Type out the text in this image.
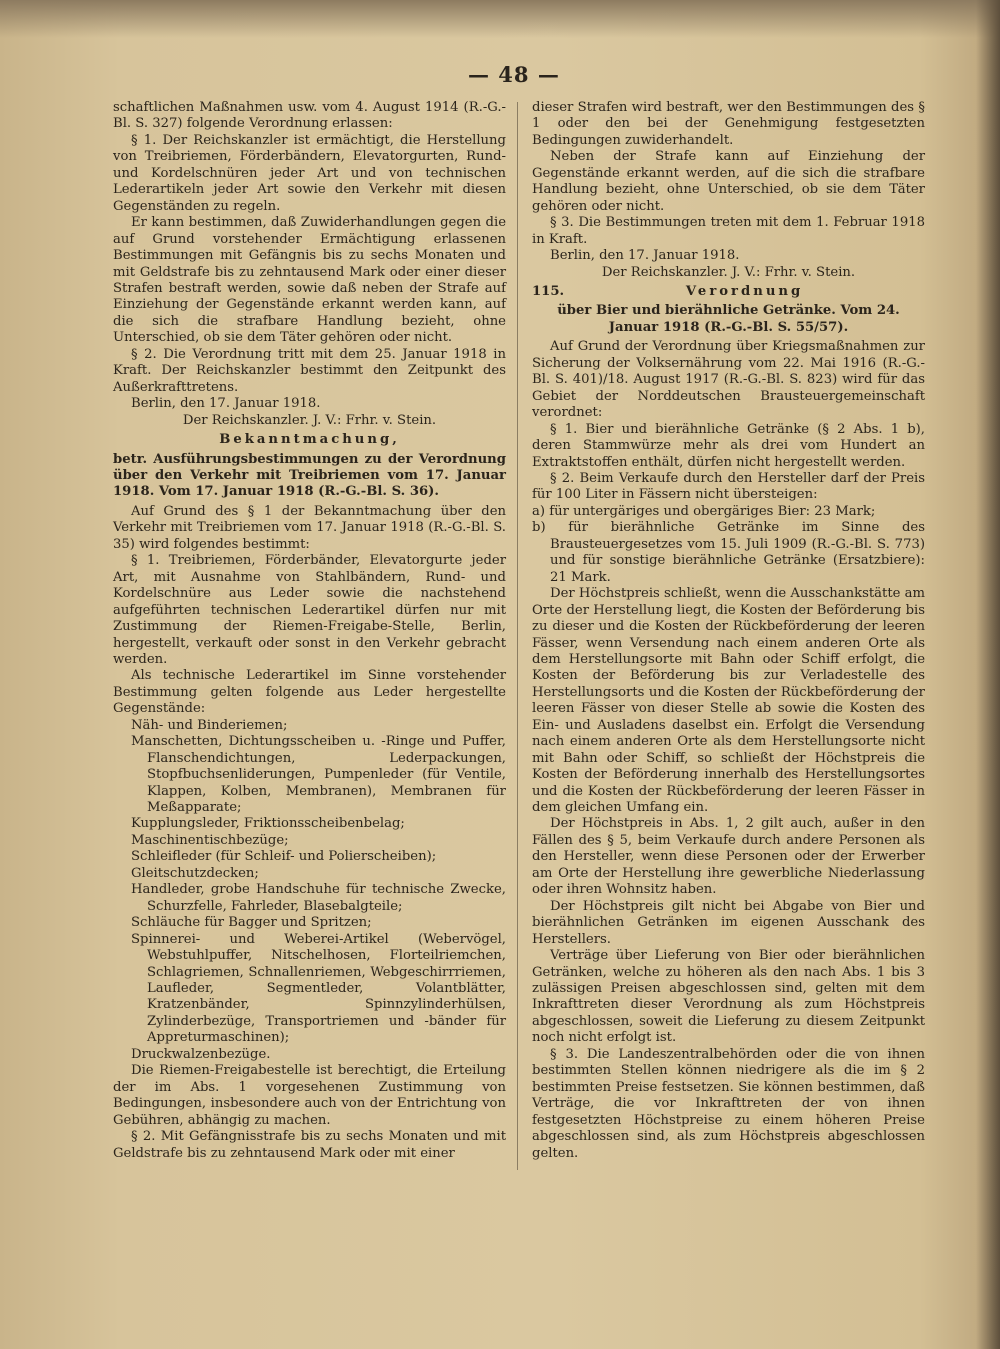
— 48 —

schaftlichen Maßnahmen usw. vom 4. August 1914 (R.-G.-Bl. S. 327) folgende Verordnung erlassen:

§ 1. Der Reichskanzler ist ermächtigt, die Herstellung von Treibriemen, Förderbändern, Elevatorgurten, Rund- und Kordelschnüren jeder Art und von technischen Lederartikeln jeder Art sowie den Verkehr mit diesen Gegenständen zu regeln.

Er kann bestimmen, daß Zuwiderhandlungen gegen die auf Grund vorstehender Ermächtigung erlassenen Bestimmungen mit Gefängnis bis zu sechs Monaten und mit Geldstrafe bis zu zehntausend Mark oder einer dieser Strafen bestraft werden, sowie daß neben der Strafe auf Einziehung der Gegenstände erkannt werden kann, auf die sich die strafbare Handlung bezieht, ohne Unterschied, ob sie dem Täter gehören oder nicht.

§ 2. Die Verordnung tritt mit dem 25. Januar 1918 in Kraft. Der Reichskanzler bestimmt den Zeitpunkt des Außerkrafttretens.

Berlin, den 17. Januar 1918.

Der Reichskanzler. J. V.: Frhr. v. Stein.

Bekanntmachung,

betr. Ausführungsbestimmungen zu der Verordnung über den Verkehr mit Treibriemen vom 17. Januar 1918. Vom 17. Januar 1918 (R.-G.-Bl. S. 36).

Auf Grund des § 1 der Bekanntmachung über den Verkehr mit Treibriemen vom 17. Januar 1918 (R.-G.-Bl. S. 35) wird folgendes bestimmt:

§ 1. Treibriemen, Förderbänder, Elevatorgurte jeder Art, mit Ausnahme von Stahlbändern, Rund- und Kordelschnüre aus Leder sowie die nachstehend aufgeführten technischen Lederartikel dürfen nur mit Zustimmung der Riemen-Freigabe-Stelle, Berlin, hergestellt, verkauft oder sonst in den Verkehr gebracht werden.

Als technische Lederartikel im Sinne vorstehender Bestimmung gelten folgende aus Leder hergestellte Gegenstände:

Näh- und Binderiemen;

Manschetten, Dichtungsscheiben u. -Ringe und Puffer, Flanschendichtungen, Lederpackungen, Stopfbuchsenliderungen, Pumpenleder (für Ventile, Klappen, Kolben, Membranen), Membranen für Meßapparate;

Kupplungsleder, Friktionsscheibenbelag;

Maschinentischbezüge;

Schleifleder (für Schleif- und Polierscheiben);

Gleitschutzdecken;

Handleder, grobe Handschuhe für technische Zwecke, Schurzfelle, Fahrleder, Blasebalgteile;

Schläuche für Bagger und Spritzen;

Spinnerei- und Weberei-Artikel (Webervögel, Webstuhlpuffer, Nitschelhosen, Florteilriemchen, Schlagriemen, Schnallenriemen, Webgeschirrriemen, Laufleder, Segmentleder, Volantblätter, Kratzenbänder, Spinnzylinderhülsen, Zylinderbezüge, Transportriemen und -bänder für Appreturmaschinen);

Druckwalzenbezüge.

Die Riemen-Freigabestelle ist berechtigt, die Erteilung der im Abs. 1 vorgesehenen Zustimmung von Bedingungen, insbesondere auch von der Entrichtung von Gebühren, abhängig zu machen.

§ 2. Mit Gefängnisstrafe bis zu sechs Monaten und mit Geldstrafe bis zu zehntausend Mark oder mit einer

dieser Strafen wird bestraft, wer den Bestimmungen des § 1 oder den bei der Genehmigung festgesetzten Bedingungen zuwiderhandelt.

Neben der Strafe kann auf Einziehung der Gegenstände erkannt werden, auf die sich die strafbare Handlung bezieht, ohne Unterschied, ob sie dem Täter gehören oder nicht.

§ 3. Die Bestimmungen treten mit dem 1. Februar 1918 in Kraft.

Berlin, den 17. Januar 1918.

Der Reichskanzler. J. V.: Frhr. v. Stein.

115.	Verordnung

über Bier und bierähnliche Getränke. Vom 24. Januar 1918 (R.-G.-Bl. S. 55/57).

Auf Grund der Verordnung über Kriegsmaßnahmen zur Sicherung der Volksernährung vom 22. Mai 1916 (R.-G.-Bl. S. 401)/18. August 1917 (R.-G.-Bl. S. 823) wird für das Gebiet der Norddeutschen Brausteuergemeinschaft verordnet:

§ 1. Bier und bierähnliche Getränke (§ 2 Abs. 1 b), deren Stammwürze mehr als drei vom Hundert an Extraktstoffen enthält, dürfen nicht hergestellt werden.

§ 2. Beim Verkaufe durch den Hersteller darf der Preis für 100 Liter in Fässern nicht übersteigen:

a) für untergäriges und obergäriges Bier: 23 Mark;

b) für bierähnliche Getränke im Sinne des Brausteuergesetzes vom 15. Juli 1909 (R.-G.-Bl. S. 773) und für sonstige bierähnliche Getränke (Ersatzbiere): 21 Mark.

Der Höchstpreis schließt, wenn die Ausschankstätte am Orte der Herstellung liegt, die Kosten der Beförderung bis zu dieser und die Kosten der Rückbeförderung der leeren Fässer, wenn Versendung nach einem anderen Orte als dem Herstellungsorte mit Bahn oder Schiff erfolgt, die Kosten der Beförderung bis zur Verladestelle des Herstellungsorts und die Kosten der Rückbeförderung der leeren Fässer von dieser Stelle ab sowie die Kosten des Ein- und Ausladens daselbst ein. Erfolgt die Versendung nach einem anderen Orte als dem Herstellungsorte nicht mit Bahn oder Schiff, so schließt der Höchstpreis die Kosten der Beförderung innerhalb des Herstellungsortes und die Kosten der Rückbeförderung der leeren Fässer in dem gleichen Umfang ein.

Der Höchstpreis in Abs. 1, 2 gilt auch, außer in den Fällen des § 5, beim Verkaufe durch andere Personen als den Hersteller, wenn diese Personen oder der Erwerber am Orte der Herstellung ihre gewerbliche Niederlassung oder ihren Wohnsitz haben.

Der Höchstpreis gilt nicht bei Abgabe von Bier und bierähnlichen Getränken im eigenen Ausschank des Herstellers.

Verträge über Lieferung von Bier oder bierähnlichen Getränken, welche zu höheren als den nach Abs. 1 bis 3 zulässigen Preisen abgeschlossen sind, gelten mit dem Inkrafttreten dieser Verordnung als zum Höchstpreis abgeschlossen, soweit die Lieferung zu diesem Zeitpunkt noch nicht erfolgt ist.

§ 3. Die Landeszentralbehörden oder die von ihnen bestimmten Stellen können niedrigere als die im § 2 bestimmten Preise festsetzen. Sie können bestimmen, daß Verträge, die vor Inkrafttreten der von ihnen festgesetzten Höchstpreise zu einem höheren Preise abgeschlossen sind, als zum Höchstpreis abgeschlossen gelten.
